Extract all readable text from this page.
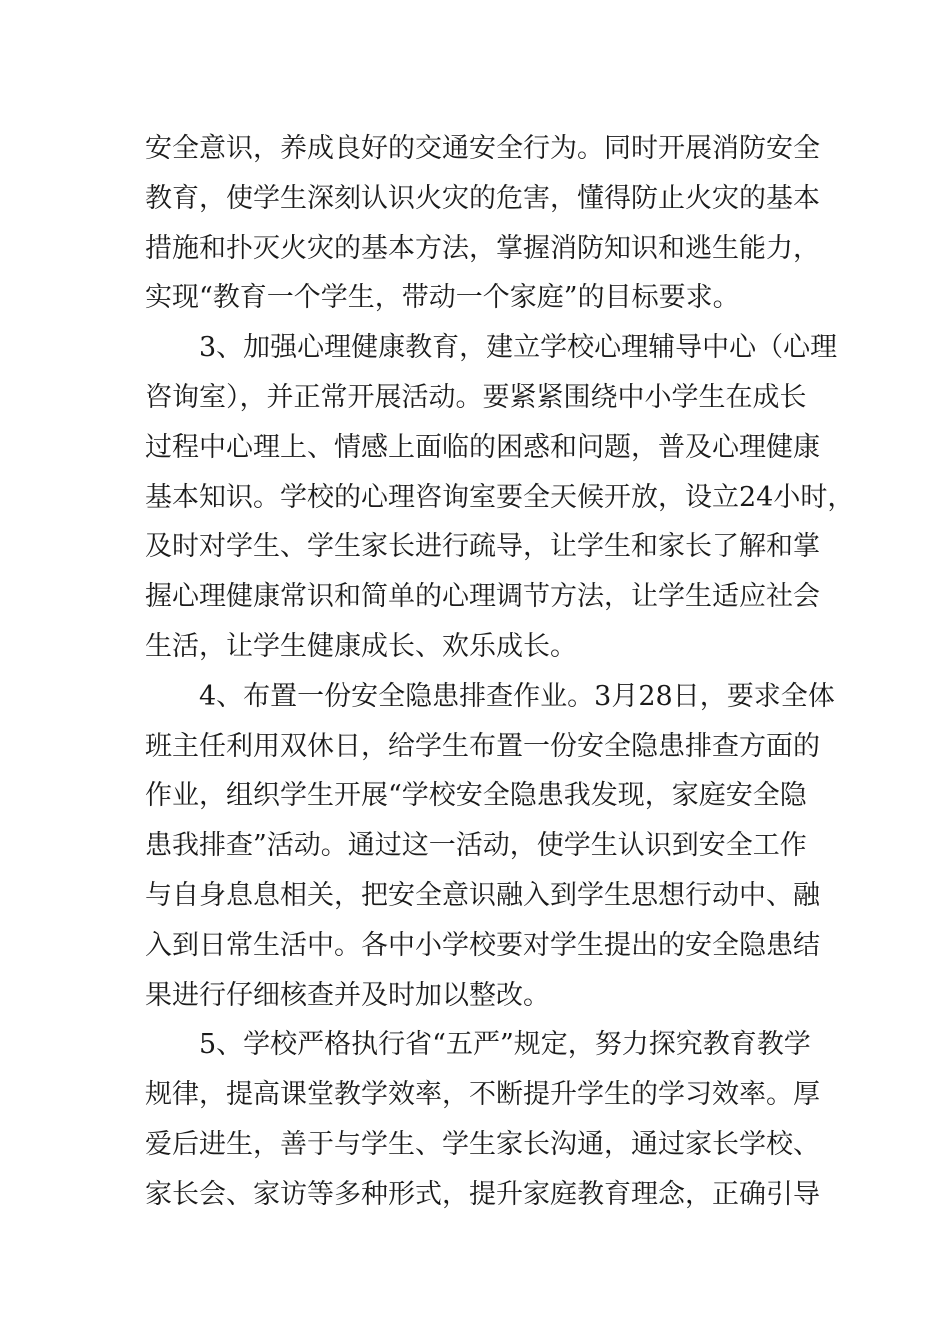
安全意识，养成良好的交通安全行为。同时开展消防安全
教育，使学生深刻认识火灾的危害，懂得防止火灾的基本
措施和扑灭火灾的基本方法，掌握消防知识和逃生能力，
实现“教育一个学生，带动一个家庭”的目标要求。
3、加强心理健康教育，建立学校心理辅导中心（心理
咨询室），并正常开展活动。要紧紧围绕中小学生在成长
过程中心理上、情感上面临的困惑和问题，普及心理健康
基本知识。学校的心理咨询室要全天候开放，设立24小时，
及时对学生、学生家长进行疏导，让学生和家长了解和掌
握心理健康常识和简单的心理调节方法，让学生适应社会
生活，让学生健康成长、欢乐成长。
4、布置一份安全隐患排查作业。3月28日，要求全体
班主任利用双休日，给学生布置一份安全隐患排查方面的
作业，组织学生开展“学校安全隐患我发现，家庭安全隐
患我排查”活动。通过这一活动，使学生认识到安全工作
与自身息息相关，把安全意识融入到学生思想行动中、融
入到日常生活中。各中小学校要对学生提出的安全隐患结
果进行仔细核查并及时加以整改。
5、学校严格执行省“五严”规定，努力探究教育教学
规律，提高课堂教学效率，不断提升学生的学习效率。厚
爱后进生，善于与学生、学生家长沟通，通过家长学校、
家长会、家访等多种形式，提升家庭教育理念，正确引导
